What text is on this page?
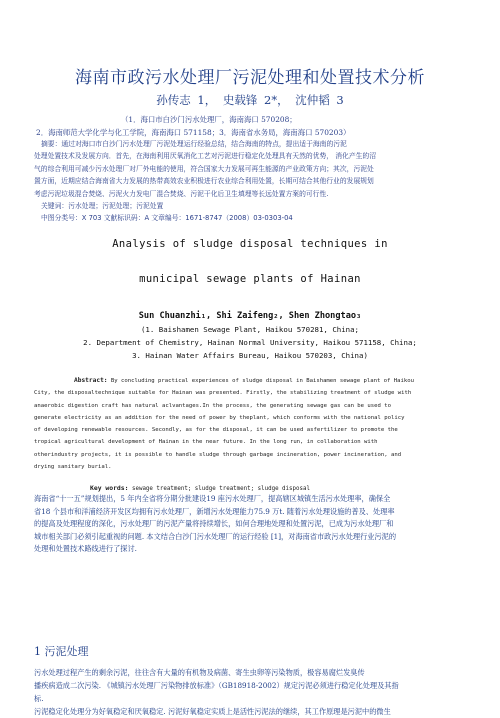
海南市政污水处理厂污泥处理和处置技术分析
孙传志 1， 史载锋 2*， 沈仲韬 3
（1．海口市白沙门污水处理厂，海南海口 570208；
2．海南师范大学化学与化工学院，海南海口 571158；3．海南省水务局，海南海口 570203）
摘要：通过对海口市白沙门污水处理厂污泥处理运行经验总结，结合海南的特点，提出适于海南的污泥
处理处置技术及发展方向．首先，在海南利用厌氧消化工艺对污泥进行稳定化处理具有天然的优势， 消化产生的沼
气的综合利用可减少污水处理厂对厂外电能的使用，符合国家大力发展可再生能源的产业政策方向；其次，污泥处
置方面，近期应结合海南省大力发展的热带高效农业积极进行农业综合利用处置，长期可结合其他行业的发展规划
考虑污泥垃圾混合焚烧、污泥火力发电厂混合焚烧、污泥干化后卫生填埋等长远处置方案的可行性.
关键词：污水处理；污泥处理；污泥处置
中图分类号：X 703 文献标识码：A 文章编号：1671-8747（2008）03-0303-04
Analysis of sludge disposal techniques in
municipal sewage plants of Hainan
Sun Chuanzhi₁, Shi Zaifeng₂, Shen Zhongtao₃
(1. Baishamen Sewage Plant, Haikou 570281, China;
2. Department of Chemistry, Hainan Normal University, Haikou 571158, China;
3. Hainan Water Affairs Bureau, Haikou 570203, China)
Abstract: By concluding practical experiences of sludge disposal in Baishamen sewage plant of Haikou
City, the disposaltechnique suitable for Hainan was presented. Firstly, the stabilizing treatment of sludge with
anaerobic digestion craft has natural aclvantages.In the process, the generating sewage gas can be used to
generate electricity as an addition for the need of power by theplant, which conforms with the national policy
of developing renewable resources. Secondly, as for the disposal, it can be used asfertilizer to promote the
tropical agricultural development of Hainan in the near future. In the long run, in collaboration with
otherindustry projects, it is possible to handle sludge through garbage incineration, power incineration, and
drying sanitary burial.
Key words: sewage treatment; sludge treatment; sludge disposal
海南省“十一五”规划提出，5 年内全省将分期分批建设19 座污水处理厂，提高辖区城镇生活污水处理率，确保全
省18 个县市和洋浦经济开发区均拥有污水处理厂，新增污水处理能力75.9 万t. 随着污水处理设施的普及、处理率
的提高及处理程度的深化，污水处理厂的污泥产量将持续增长，如何合理地处理和处置污泥，已成为污水处理厂和
城市相关部门必须引起重视的问题. 本文结合白沙门污水处理厂的运行经验 [1]，对海南省市政污水处理行业污泥的
处理和处置技术路线进行了探讨.
1 污泥处理
污水处理过程产生的剩余污泥，往往含有大量的有机物及病菌、寄生虫卵等污染物质，极容易腐烂发臭传
播疾病造成二次污染. 《城镇污水处理厂污染物排放标准》（GB18918-2002）规定污泥必须进行稳定化处理及其指
标.
污泥稳定化处理分为好氧稳定和厌氧稳定. 污泥好氧稳定实质上是活性污泥法的继续，其工作原理是污泥中的微生
